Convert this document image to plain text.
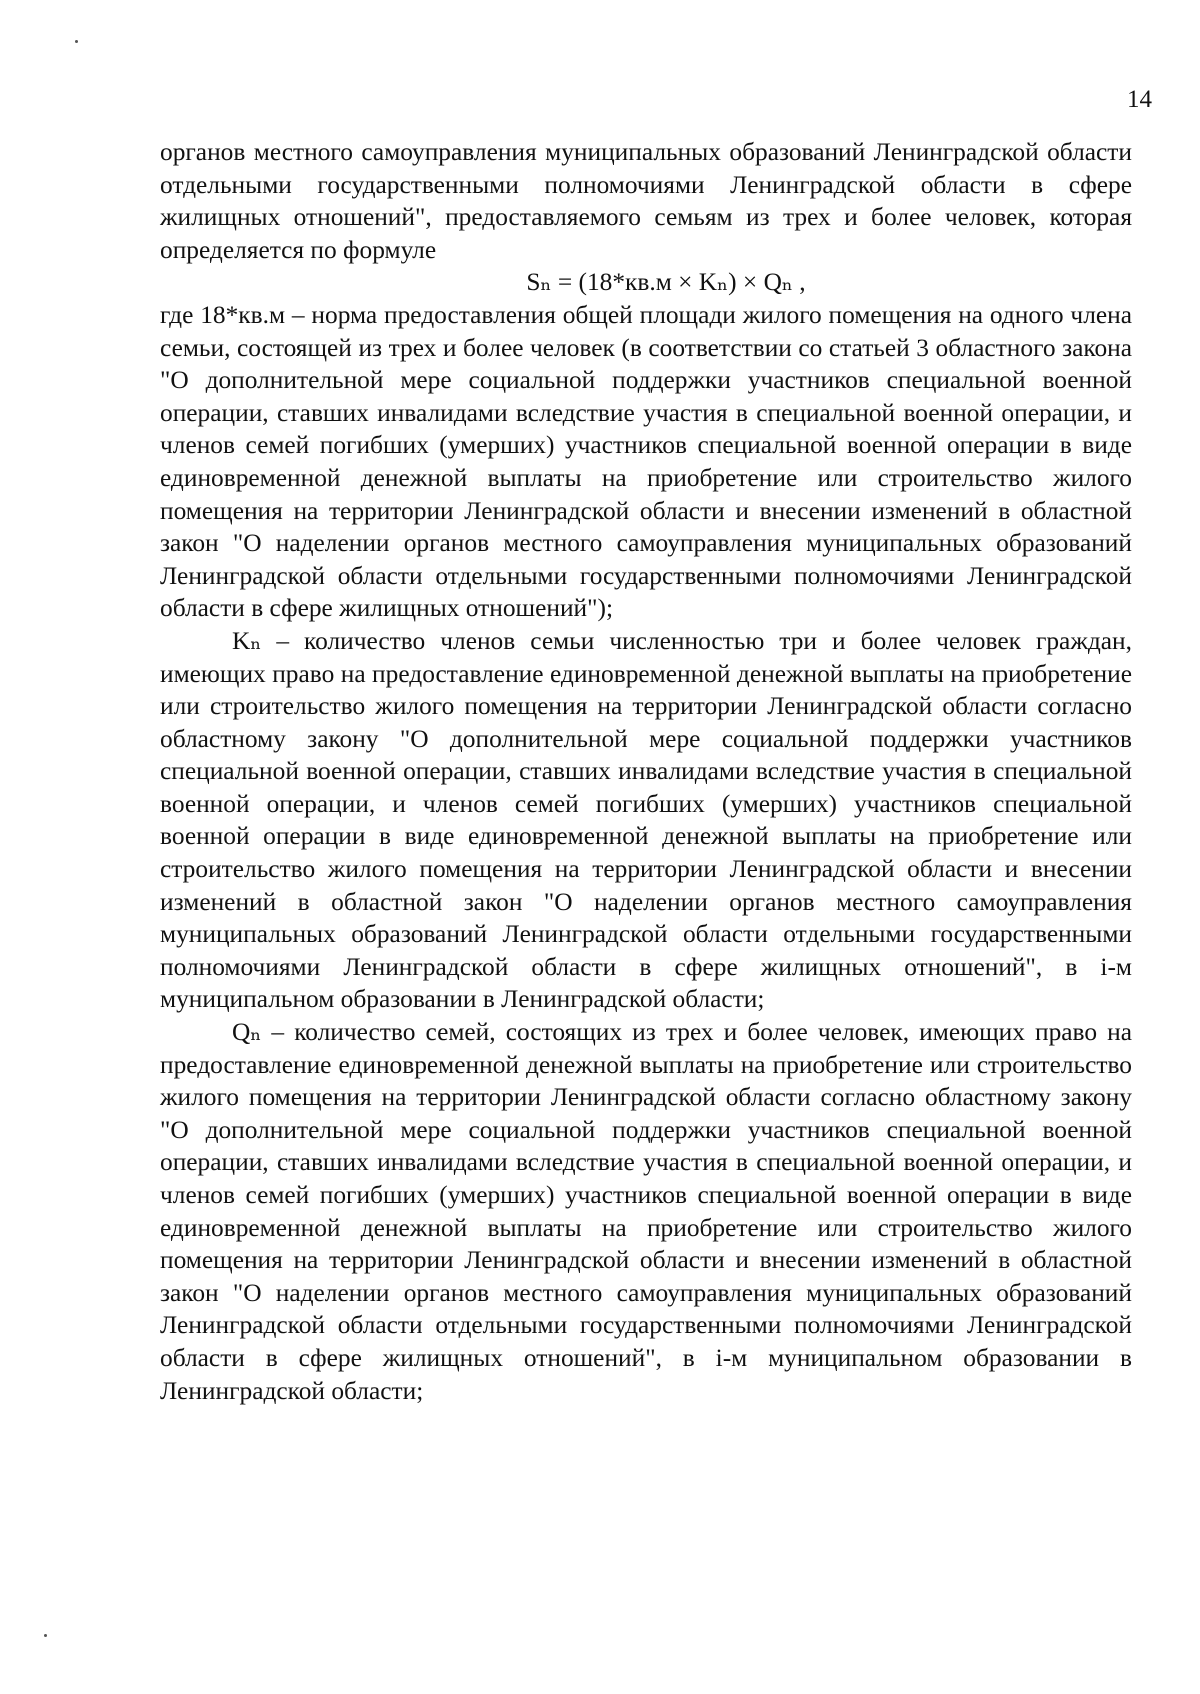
14

органов местного самоуправления муниципальных образований Ленинградской области отдельными государственными полномочиями Ленинградской области в сфере жилищных отношений", предоставляемого семьям из трех и более человек, которая определяется по формуле

Sₙ = (18*кв.м × Kₙ) × Qₙ ,

где 18*кв.м – норма предоставления общей площади жилого помещения на одного члена семьи, состоящей из трех и более человек (в соответствии со статьей 3 областного закона "О дополнительной мере социальной поддержки участников специальной военной операции, ставших инвалидами вследствие участия в специальной военной операции, и членов семей погибших (умерших) участников специальной военной операции в виде единовременной денежной выплаты на приобретение или строительство жилого помещения на территории Ленинградской области и внесении изменений в областной закон "О наделении органов местного самоуправления муниципальных образований Ленинградской области отдельными государственными полномочиями Ленинградской области в сфере жилищных отношений");

Kₙ – количество членов семьи численностью три и более человек граждан, имеющих право на предоставление единовременной денежной выплаты на приобретение или строительство жилого помещения на территории Ленинградской области согласно областному закону "О дополнительной мере социальной поддержки участников специальной военной операции, ставших инвалидами вследствие участия в специальной военной операции, и членов семей погибших (умерших) участников специальной военной операции в виде единовременной денежной выплаты на приобретение или строительство жилого помещения на территории Ленинградской области и внесении изменений в областной закон "О наделении органов местного самоуправления муниципальных образований Ленинградской области отдельными государственными полномочиями Ленинградской области в сфере жилищных отношений", в i-м муниципальном образовании в Ленинградской области;

Qₙ – количество семей, состоящих из трех и более человек, имеющих право на предоставление единовременной денежной выплаты на приобретение или строительство жилого помещения на территории Ленинградской области согласно областному закону "О дополнительной мере социальной поддержки участников специальной военной операции, ставших инвалидами вследствие участия в специальной военной операции, и членов семей погибших (умерших) участников специальной военной операции в виде единовременной денежной выплаты на приобретение или строительство жилого помещения на территории Ленинградской области и внесении изменений в областной закон "О наделении органов местного самоуправления муниципальных образований Ленинградской области отдельными государственными полномочиями Ленинградской области в сфере жилищных отношений", в i-м муниципальном образовании в Ленинградской области;
